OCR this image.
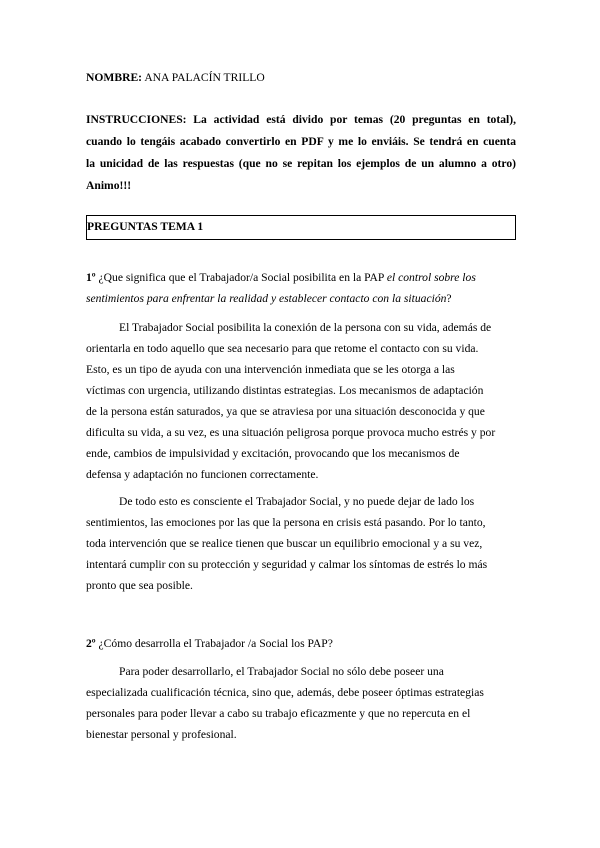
NOMBRE: ANA PALACÍN TRILLO
INSTRUCCIONES: La actividad está divido por temas (20 preguntas en total),
cuando lo tengáis acabado convertirlo en PDF y me lo enviáis. Se tendrá en cuenta
la unicidad de las respuestas (que no se repitan los ejemplos de un alumno a otro)
Animo!!!
PREGUNTAS TEMA 1
1º ¿Que significa que el Trabajador/a Social posibilita en la PAP el control sobre los
sentimientos para enfrentar la realidad y establecer contacto con la situación?
El Trabajador Social posibilita la conexión de la persona con su vida, además de
orientarla en todo aquello que sea necesario para que retome el contacto con su vida.
Esto, es un tipo de ayuda con una intervención inmediata que se les otorga a las
víctimas con urgencia, utilizando distintas estrategias. Los mecanismos de adaptación
de la persona están saturados, ya que se atraviesa por una situación desconocida y que
dificulta su vida, a su vez, es una situación peligrosa porque provoca mucho estrés y por
ende, cambios de impulsividad y excitación, provocando que los mecanismos de
defensa y adaptación no funcionen correctamente.
De todo esto es consciente el Trabajador Social, y no puede dejar de lado los
sentimientos, las emociones por las que la persona en crisis está pasando. Por lo tanto,
toda intervención que se realice tienen que buscar un equilibrio emocional y a su vez,
intentará cumplir con su protección y seguridad y calmar los síntomas de estrés lo más
pronto que sea posible.
2º ¿Cómo desarrolla el Trabajador /a Social los PAP?
Para poder desarrollarlo, el Trabajador Social no sólo debe poseer una
especializada cualificación técnica, sino que, además, debe poseer óptimas estrategias
personales para poder llevar a cabo su trabajo eficazmente y que no repercuta en el
bienestar personal y profesional.
